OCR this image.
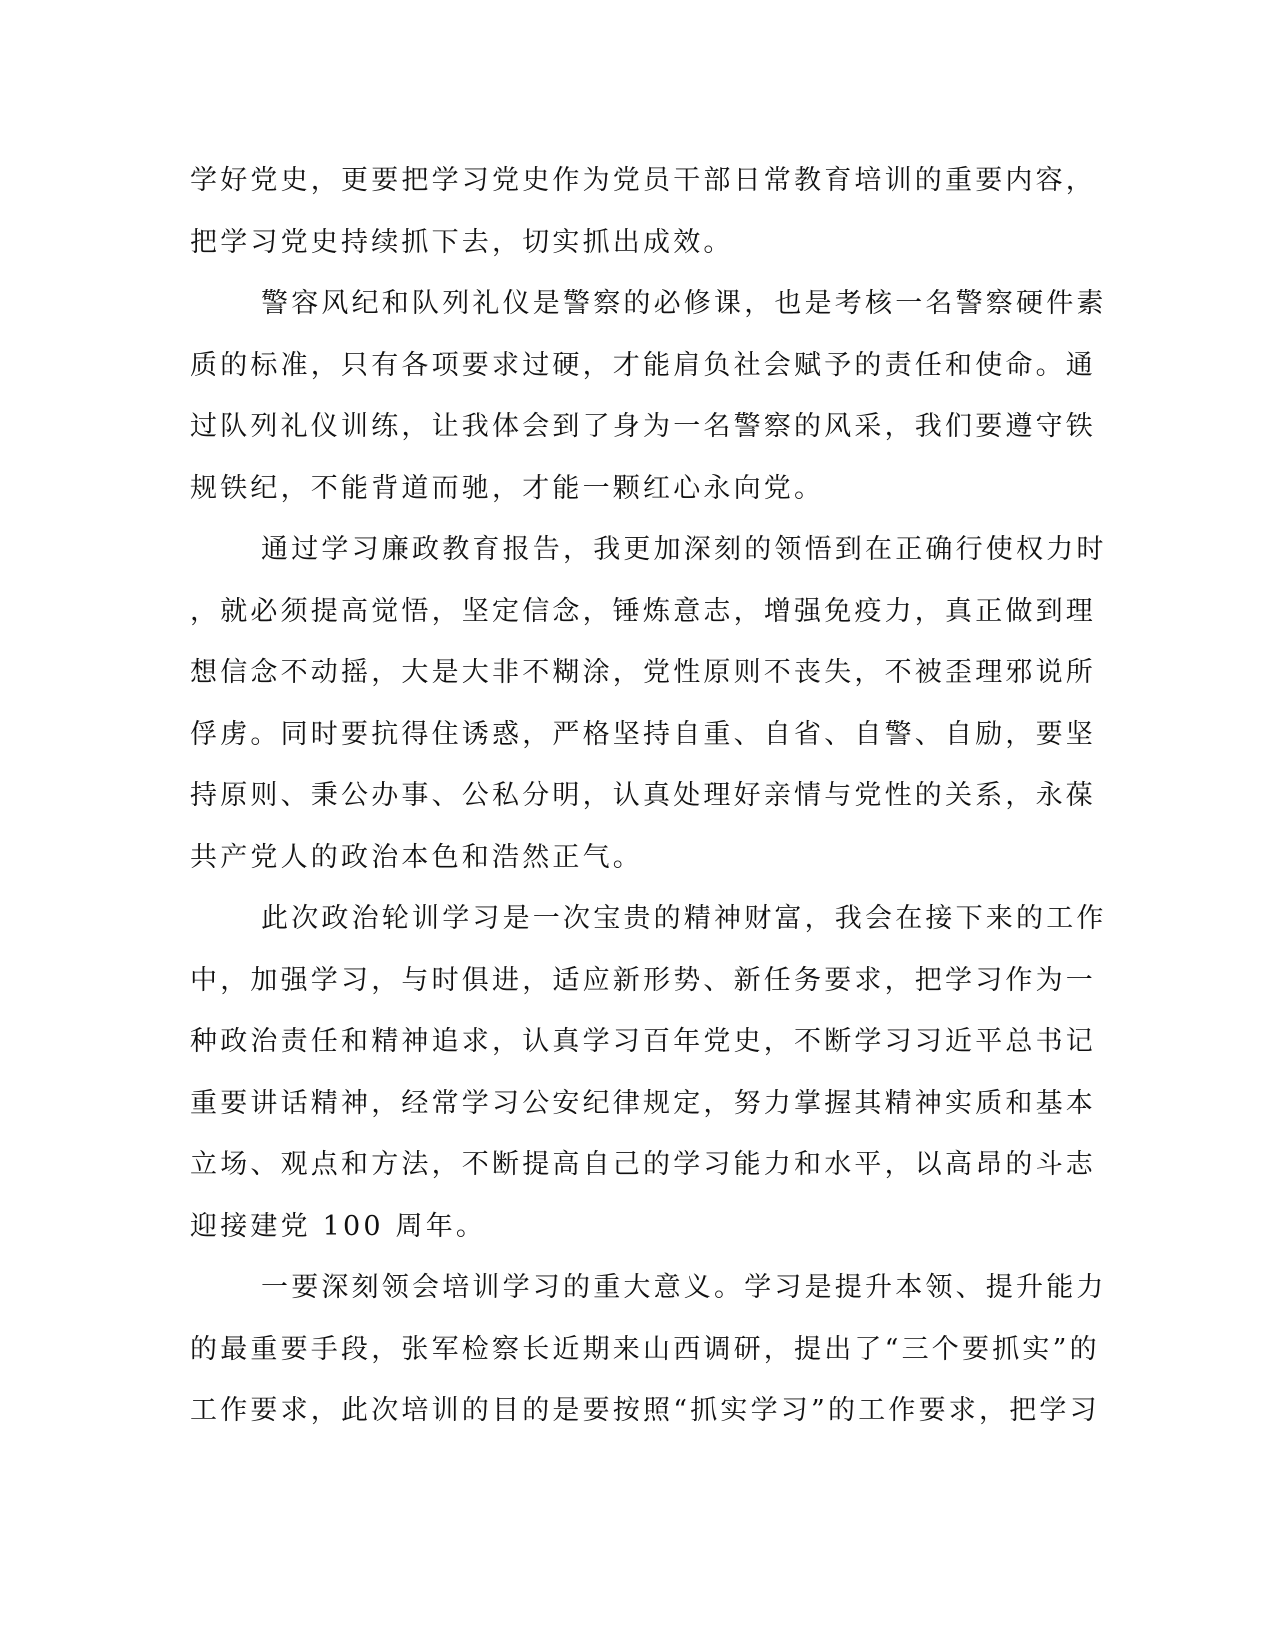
学好党史，更要把学习党史作为党员干部日常教育培训的重要内容，
把学习党史持续抓下去，切实抓出成效。
警容风纪和队列礼仪是警察的必修课，也是考核一名警察硬件素
质的标准，只有各项要求过硬，才能肩负社会赋予的责任和使命。通
过队列礼仪训练，让我体会到了身为一名警察的风采，我们要遵守铁
规铁纪，不能背道而驰，才能一颗红心永向党。
通过学习廉政教育报告，我更加深刻的领悟到在正确行使权力时
，就必须提高觉悟，坚定信念，锤炼意志，增强免疫力，真正做到理
想信念不动摇，大是大非不糊涂，党性原则不丧失，不被歪理邪说所
俘虏。同时要抗得住诱惑，严格坚持自重、自省、自警、自励，要坚
持原则、秉公办事、公私分明，认真处理好亲情与党性的关系，永葆
共产党人的政治本色和浩然正气。
此次政治轮训学习是一次宝贵的精神财富，我会在接下来的工作
中，加强学习，与时俱进，适应新形势、新任务要求，把学习作为一
种政治责任和精神追求，认真学习百年党史，不断学习习近平总书记
重要讲话精神，经常学习公安纪律规定，努力掌握其精神实质和基本
立场、观点和方法，不断提高自己的学习能力和水平，以高昂的斗志
迎接建党 100 周年。
一要深刻领会培训学习的重大意义。学习是提升本领、提升能力
的最重要手段，张军检察长近期来山西调研，提出了“三个要抓实”的
工作要求，此次培训的目的是要按照“抓实学习”的工作要求，把学习
